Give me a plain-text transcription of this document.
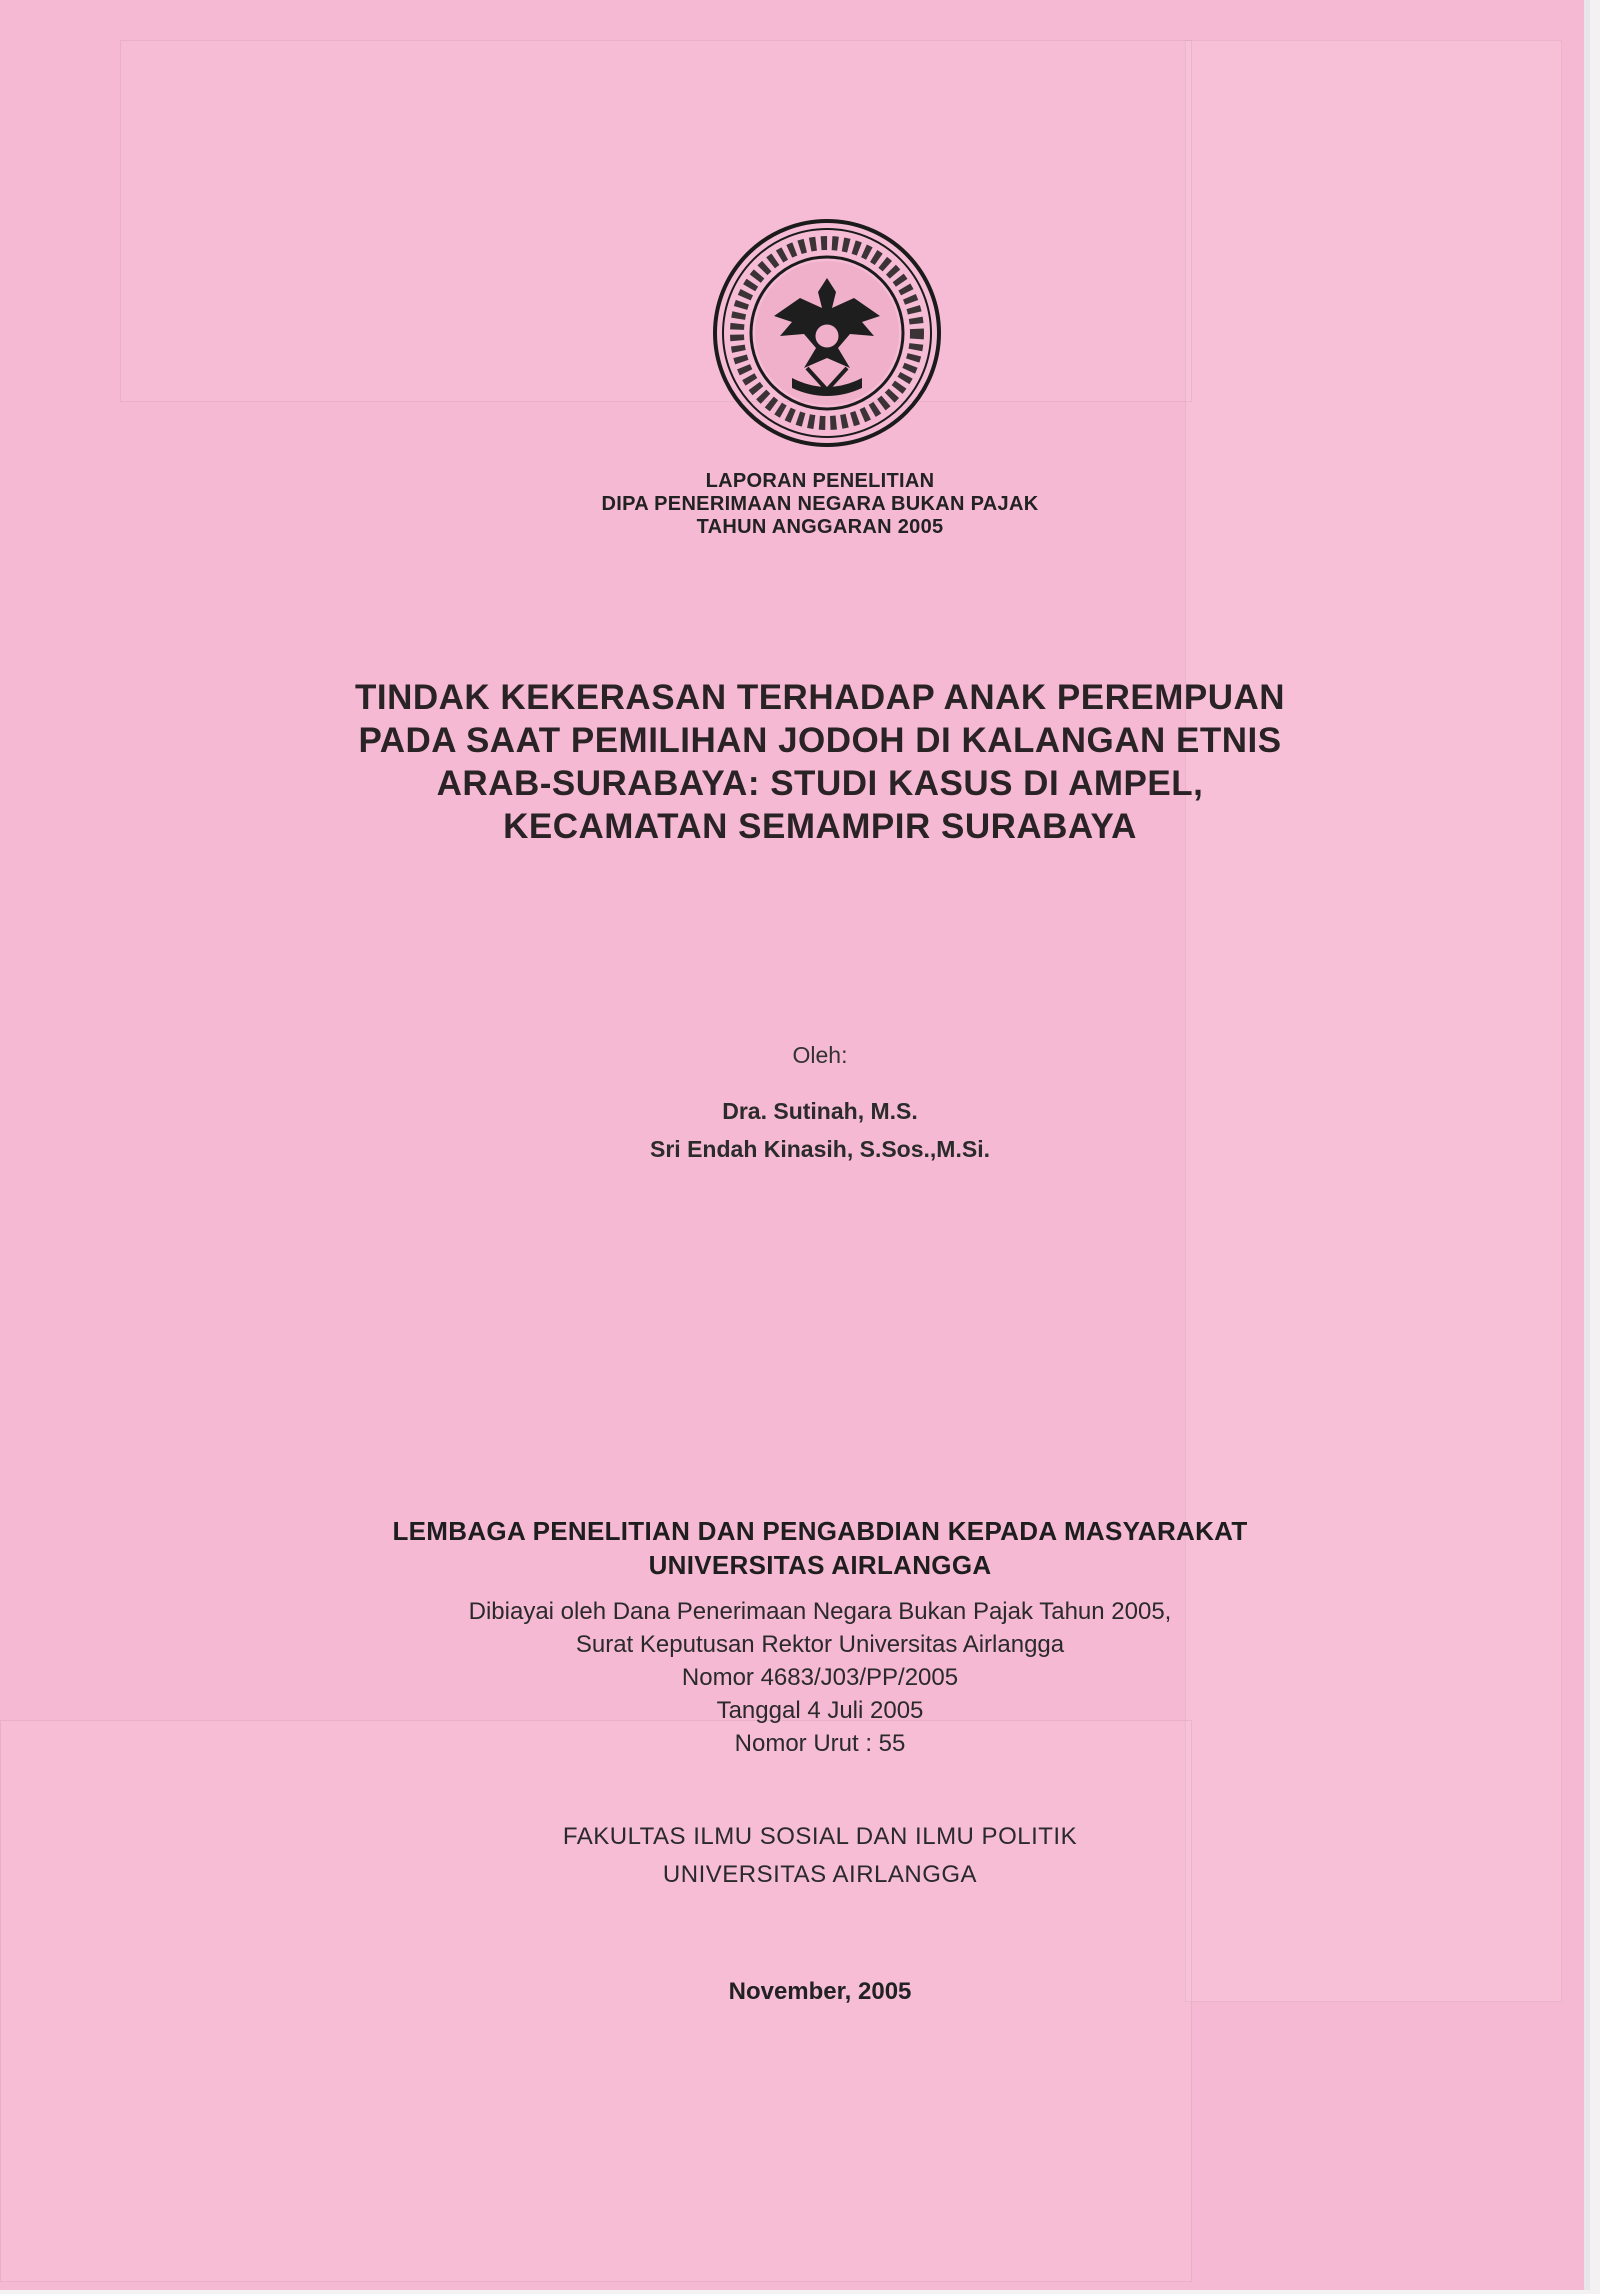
LAPORAN PENELITIAN
DIPA PENERIMAAN NEGARA BUKAN PAJAK
TAHUN ANGGARAN 2005
TINDAK KEKERASAN TERHADAP ANAK PEREMPUAN
PADA SAAT PEMILIHAN JODOH DI KALANGAN ETNIS
ARAB-SURABAYA: STUDI KASUS DI AMPEL,
KECAMATAN SEMAMPIR SURABAYA
Oleh:
Dra. Sutinah, M.S.
Sri Endah Kinasih, S.Sos.,M.Si.
LEMBAGA PENELITIAN DAN PENGABDIAN KEPADA MASYARAKAT
UNIVERSITAS AIRLANGGA
Dibiayai oleh Dana Penerimaan Negara Bukan Pajak Tahun 2005,
Surat Keputusan Rektor Universitas Airlangga
Nomor 4683/J03/PP/2005
Tanggal 4 Juli 2005
Nomor Urut : 55
FAKULTAS ILMU SOSIAL DAN ILMU POLITIK
UNIVERSITAS AIRLANGGA
November, 2005
